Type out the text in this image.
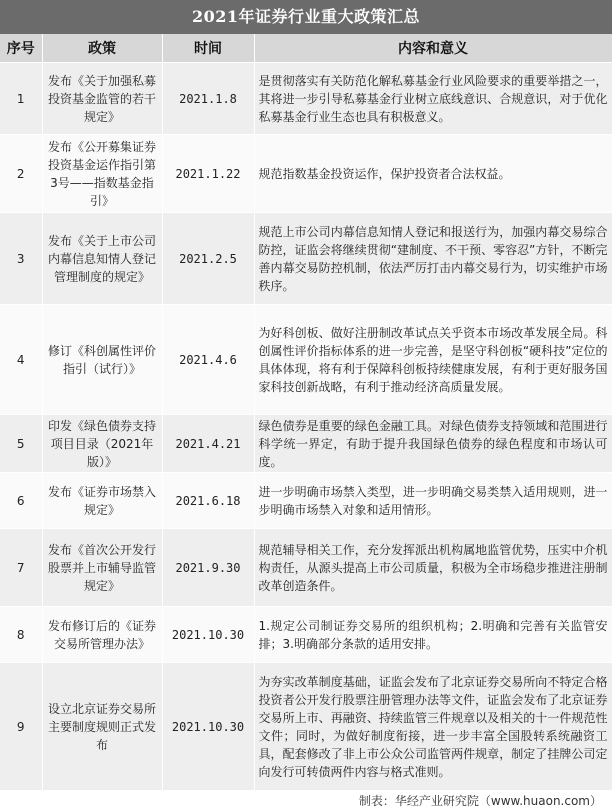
2021年证券行业重大政策汇总
序号	政策	时间	内容和意义
1	发布《关于加强私募投资基金监管的若干规定》	2021.1.8	是贯彻落实有关防范化解私募基金行业风险要求的重要举措之一，其将进一步引导私募基金行业树立底线意识、合规意识，对于优化私募基金行业生态也具有积极意义。
2	发布《公开募集证券投资基金运作指引第3号——指数基金指引》	2021.1.22	规范指数基金投资运作，保护投资者合法权益。
3	发布《关于上市公司内幕信息知情人登记管理制度的规定》	2021.2.5	规范上市公司内幕信息知情人登记和报送行为，加强内幕交易综合防控，证监会将继续贯彻“建制度、不干预、零容忍”方针，不断完善内幕交易防控机制，依法严厉打击内幕交易行为，切实维护市场秩序。
4	修订《科创属性评价指引（试行）》	2021.4.6	为好科创板、做好注册制改革试点关乎资本市场改革发展全局。科创属性评价指标体系的进一步完善，是坚守科创板“硬科技”定位的具体体现，将有利于保障科创板持续健康发展，有利于更好服务国家科技创新战略，有利于推动经济高质量发展。
5	印发《绿色债券支持项目目录（2021年版）》	2021.4.21	绿色债券是重要的绿色金融工具。对绿色债券支持领域和范围进行科学统一界定，有助于提升我国绿色债券的绿色程度和市场认可度。
6	发布《证券市场禁入规定》	2021.6.18	进一步明确市场禁入类型，进一步明确交易类禁入适用规则，进一步明确市场禁入对象和适用情形。
7	发布《首次公开发行股票并上市辅导监管规定》	2021.9.30	规范辅导相关工作，充分发挥派出机构属地监管优势，压实中介机构责任，从源头提高上市公司质量，积极为全市场稳步推进注册制改革创造条件。
8	发布修订后的《证券交易所管理办法》	2021.10.30	1.规定公司制证券交易所的组织机构；2.明确和完善有关监管安排；3.明确部分条款的适用安排。
9	设立北京证券交易所主要制度规则正式发布	2021.10.30	为夯实改革制度基础，证监会发布了北京证券交易所向不特定合格投资者公开发行股票注册管理办法等文件，证监会发布了北京证券交易所上市、再融资、持续监管三件规章以及相关的十一件规范性文件；同时，为做好制度衔接，进一步丰富全国股转系统融资工具，配套修改了非上市公众公司监管两件规章，制定了挂牌公司定向发行可转债两件内容与格式准则。
制表：华经产业研究院（www.huaon.com）
